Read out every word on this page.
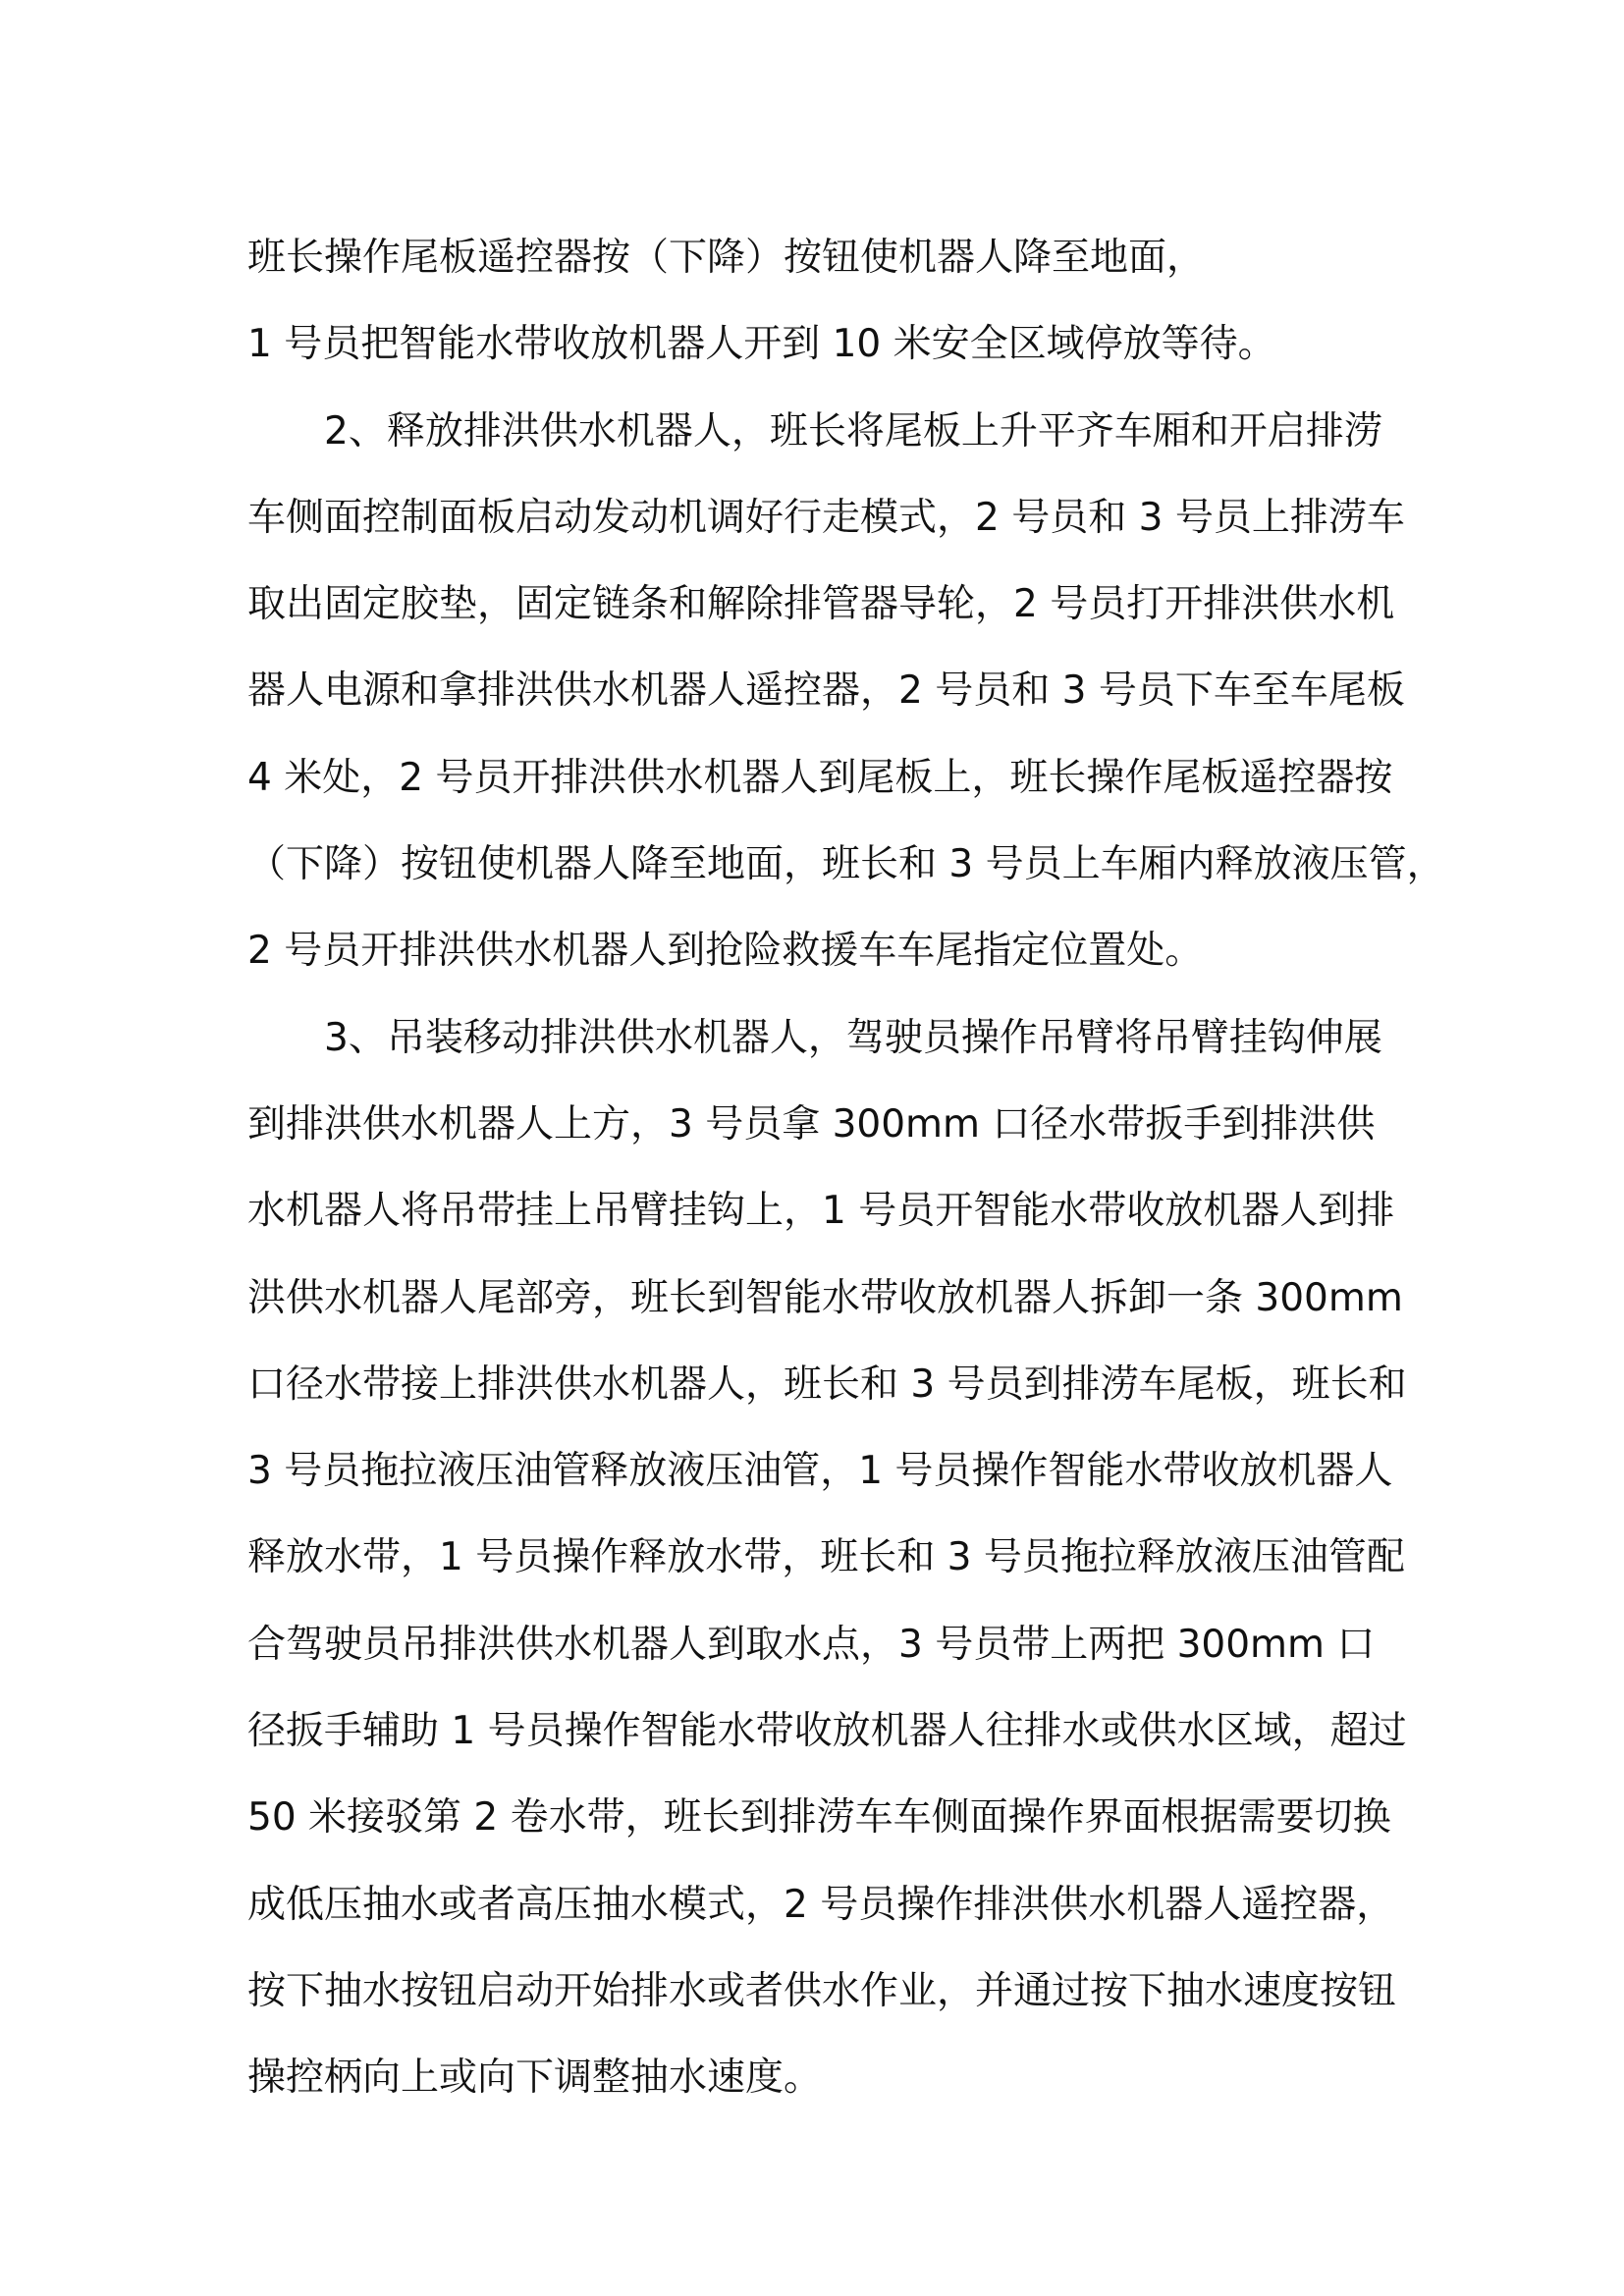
班长操作尾板遥控器按（下降）按钮使机器人降至地面，
1 号员把智能水带收放机器人开到 10 米安全区域停放等待。
2、释放排洪供水机器人，班长将尾板上升平齐车厢和开启排涝
车侧面控制面板启动发动机调好行走模式，2 号员和 3 号员上排涝车
取出固定胶垫，固定链条和解除排管器导轮，2 号员打开排洪供水机
器人电源和拿排洪供水机器人遥控器，2 号员和 3 号员下车至车尾板
4 米处，2 号员开排洪供水机器人到尾板上，班长操作尾板遥控器按
（下降）按钮使机器人降至地面，班长和 3 号员上车厢内释放液压管，
2 号员开排洪供水机器人到抢险救援车车尾指定位置处。
3、吊装移动排洪供水机器人，驾驶员操作吊臂将吊臂挂钩伸展
到排洪供水机器人上方，3 号员拿 300mm 口径水带扳手到排洪供
水机器人将吊带挂上吊臂挂钩上，1 号员开智能水带收放机器人到排
洪供水机器人尾部旁，班长到智能水带收放机器人拆卸一条 300mm
口径水带接上排洪供水机器人，班长和 3 号员到排涝车尾板，班长和
3 号员拖拉液压油管释放液压油管，1 号员操作智能水带收放机器人
释放水带，1 号员操作释放水带，班长和 3 号员拖拉释放液压油管配
合驾驶员吊排洪供水机器人到取水点，3 号员带上两把 300mm 口
径扳手辅助 1 号员操作智能水带收放机器人往排水或供水区域，超过
50 米接驳第 2 卷水带，班长到排涝车车侧面操作界面根据需要切换
成低压抽水或者高压抽水模式，2 号员操作排洪供水机器人遥控器，
按下抽水按钮启动开始排水或者供水作业，并通过按下抽水速度按钮
操控柄向上或向下调整抽水速度。
